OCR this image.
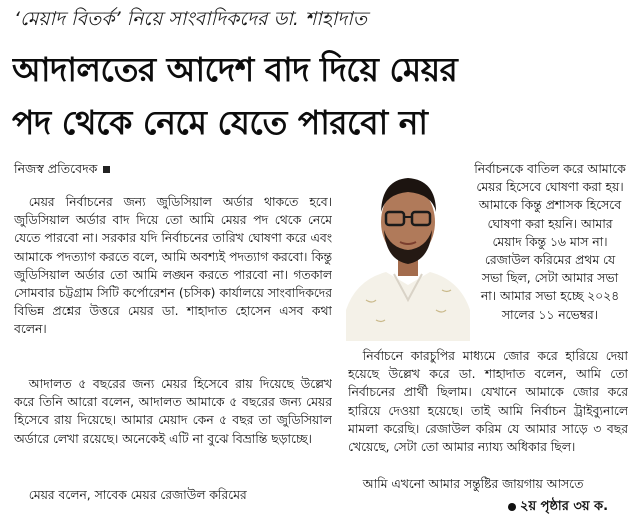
‘মেয়াদ বিতর্ক’ নিয়ে সাংবাদিকদের ডা. শাহাদাত
আদালতের আদেশ বাদ দিয়ে মেয়র
পদ থেকে নেমে যেতে পারবো না
নিজস্ব প্রতিবেদক
মেয়র নির্বাচনের জন্য জুডিসিয়াল অর্ডার থাকতে হবে। জুডিসিয়াল অর্ডার বাদ দিয়ে তো আমি মেয়র পদ থেকে নেমে যেতে পারবো না। সরকার যদি নির্বাচনের তারিখ ঘোষণা করে এবং আমাকে পদত্যাগ করতে বলে, আমি অবশ্যই পদত্যাগ করবো। কিন্তু জুডিসিয়াল অর্ডার তো আমি লঙ্ঘন করতে পারবো না। গতকাল সোমবার চট্টগ্রাম সিটি কর্পোরেশন (চসিক) কার্যালয়ে সাংবাদিকদের বিভিন্ন প্রশ্নের উত্তরে মেয়র ডা. শাহাদাত হোসেন এসব কথা বলেন।
আদালত ৫ বছরের জন্য মেয়র হিসেবে রায় দিয়েছে উল্লেখ করে তিনি আরো বলেন, আদালত আমাকে ৫ বছরের জন্য মেয়র হিসেবে রায় দিয়েছে। আমার মেয়াদ কেন ৫ বছর তা জুডিসিয়াল অর্ডারে লেখা রয়েছে। অনেকেই এটি না বুঝে বিভ্রান্তি ছড়াচ্ছে।
মেয়র বলেন, সাবেক মেয়র রেজাউল করিমের
নির্বাচনকে বাতিল করে আমাকে মেয়র হিসেবে ঘোষণা করা হয়। আমাকে কিন্তু প্রশাসক হিসেবে ঘোষণা করা হয়নি। আমার মেয়াদ কিন্তু ১৬ মাস না। রেজাউল করিমের প্রথম যে সভা ছিল, সেটা আমার সভা না। আমার সভা হচ্ছে ২০২৪ সালের ১১ নভেম্বর।
নির্বাচনে কারচুপির মাধ্যমে জোর করে হারিয়ে দেয়া হয়েছে উল্লেখ করে ডা. শাহাদাত বলেন, আমি তো নির্বাচনের প্রার্থী ছিলাম। যেখানে আমাকে জোর করে হারিয়ে দেওয়া হয়েছে। তাই আমি নির্বাচন ট্রাইব্যুনালে মামলা করেছি। রেজাউল করিম যে আমার সাড়ে ৩ বছর খেয়েছে, সেটা তো আমার ন্যায্য অধিকার ছিল।
আমি এখনো আমার সন্তুষ্টির জায়গায় আসতে
২য় পৃষ্ঠার ৩য় ক.
